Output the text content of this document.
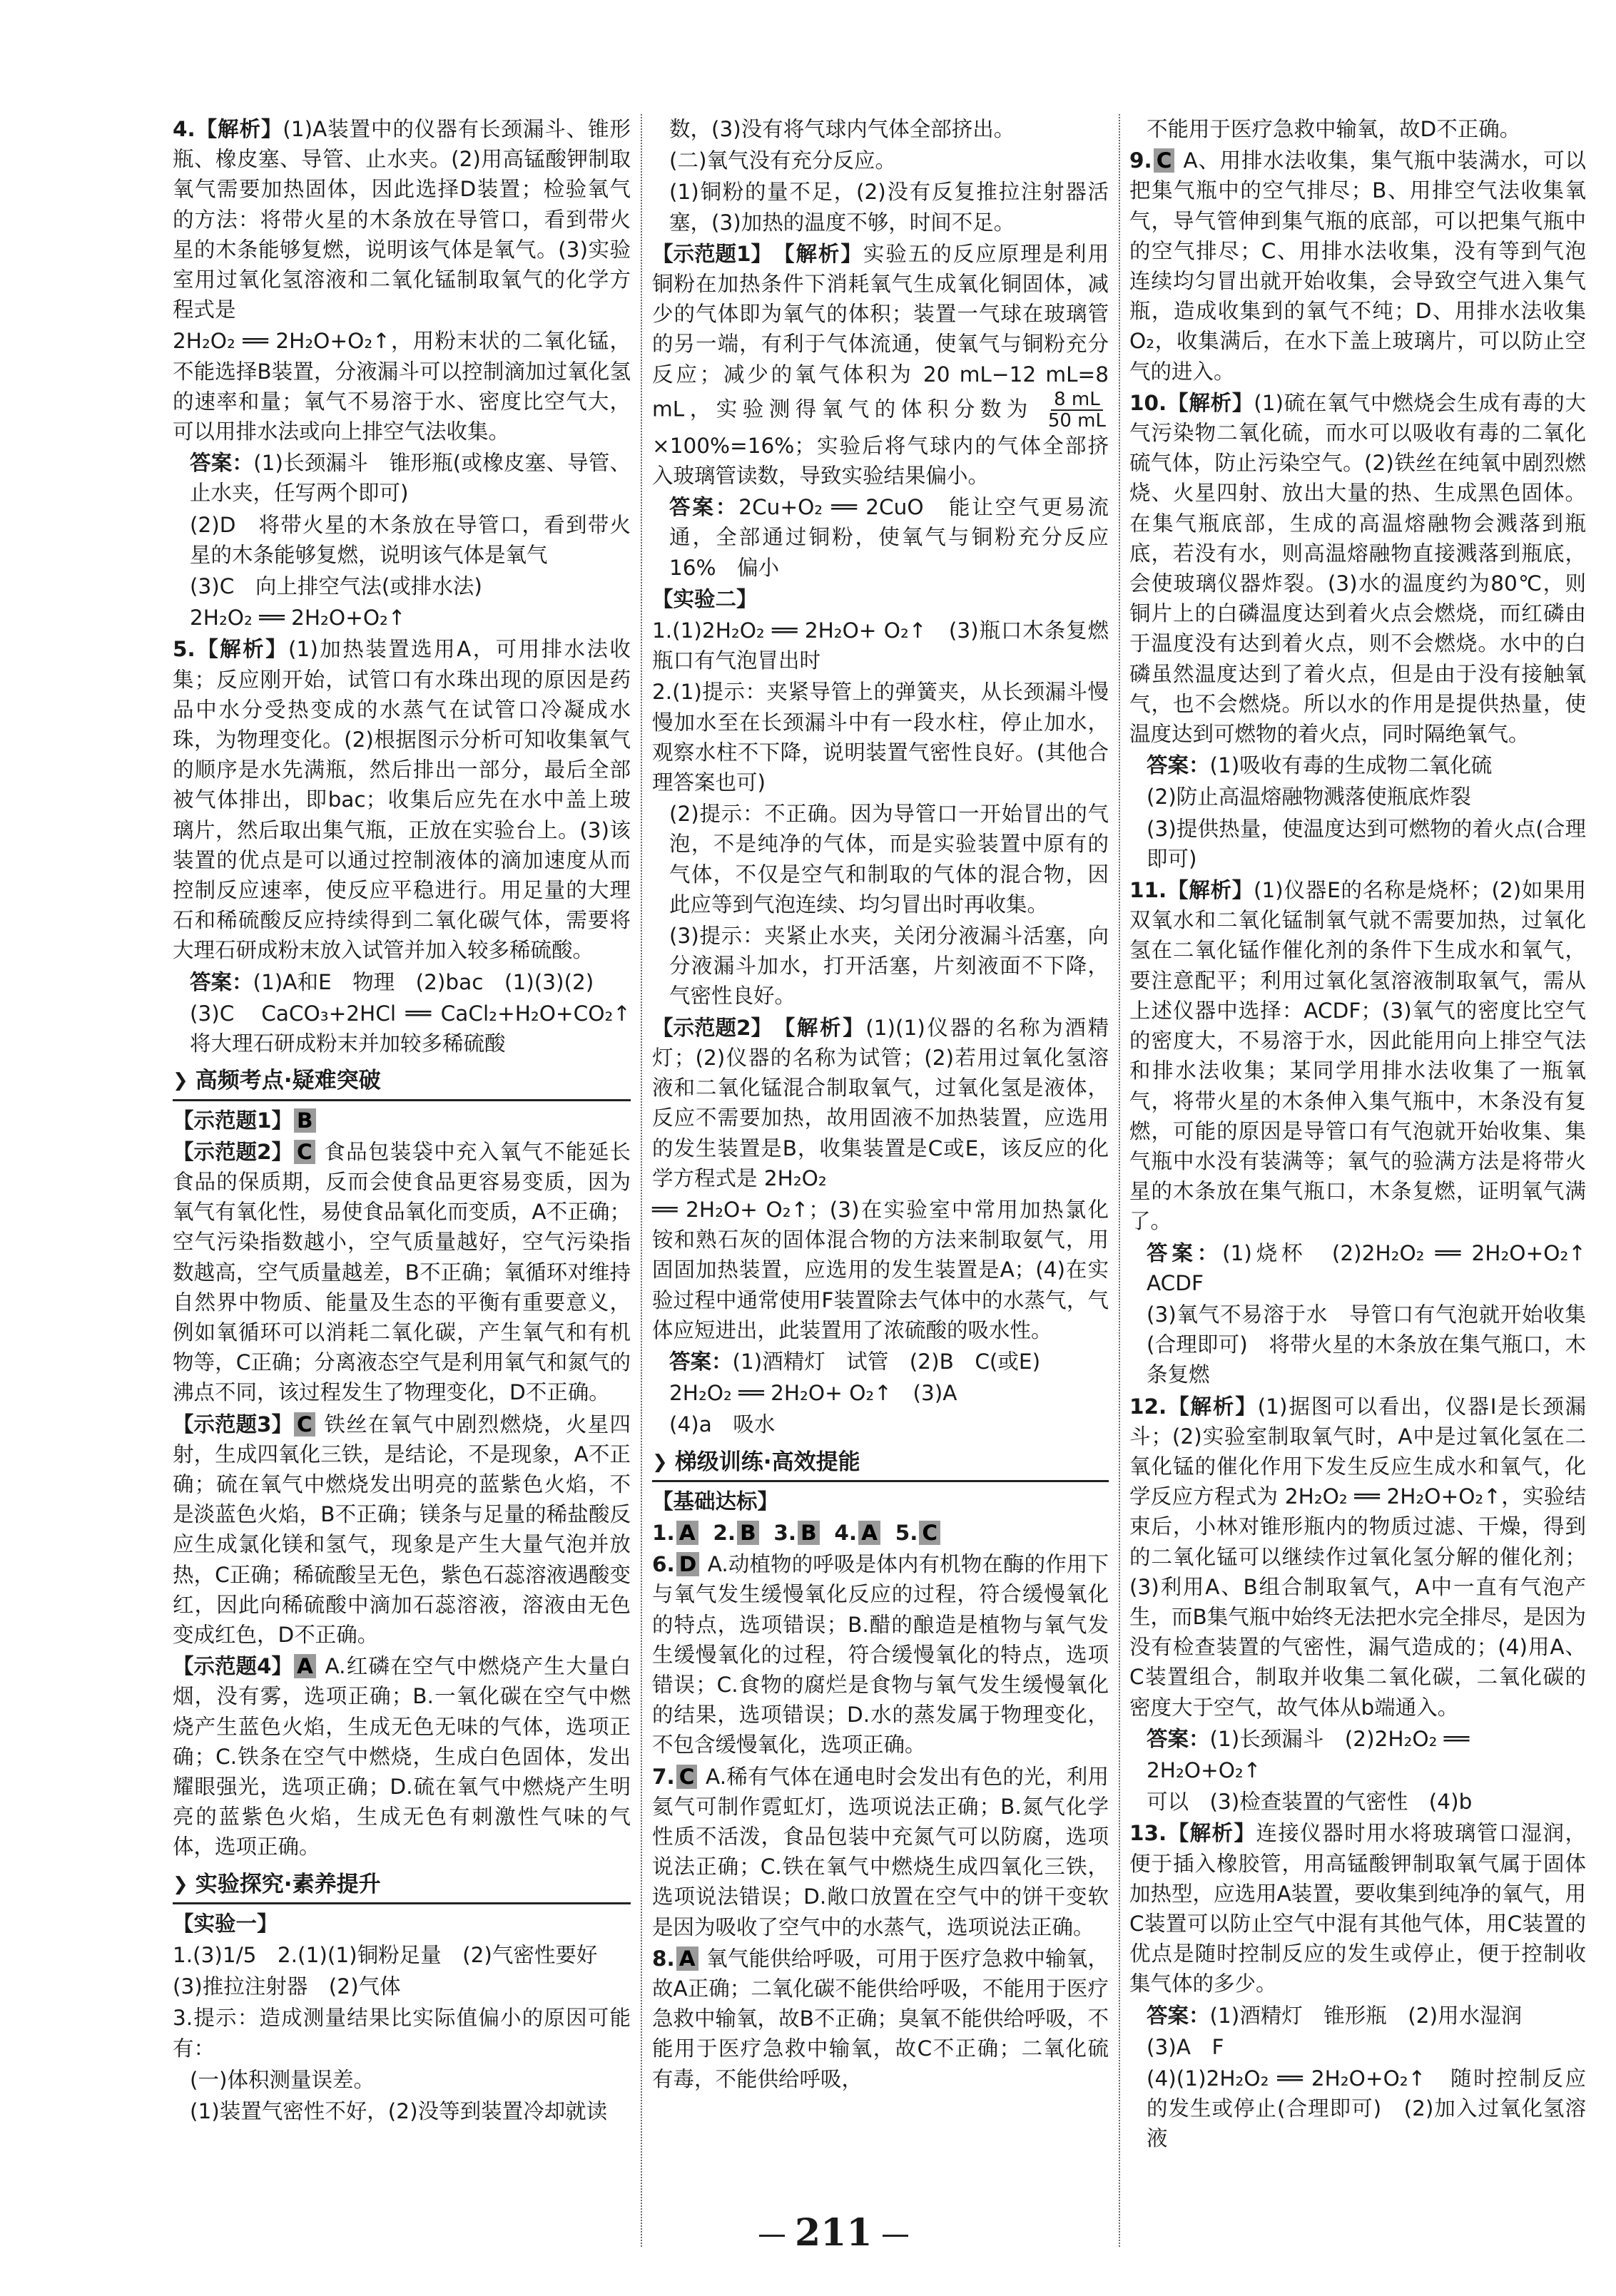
4.【解析】(1)A装置中的仪器有长颈漏斗、锥形瓶、橡皮塞、导管、止水夹。(2)用高锰酸钾制取氧气需要加热固体，因此选择D装置；检验氧气的方法：将带火星的木条放在导管口，看到带火星的木条能够复燃，说明该气体是氧气。(3)实验室用过氧化氢溶液和二氧化锰制取氧气的化学方程式是

2H₂O₂ ══ 2H₂O+O₂↑，用粉末状的二氧化锰，不能选择B装置，分液漏斗可以控制滴加过氧化氢的速率和量；氧气不易溶于水、密度比空气大，可以用排水法或向上排空气法收集。

答案：(1)长颈漏斗　锥形瓶(或橡皮塞、导管、止水夹，任写两个即可)

(2)D　将带火星的木条放在导管口，看到带火星的木条能够复燃，说明该气体是氧气

(3)C　向上排空气法(或排水法)

2H₂O₂ ══ 2H₂O+O₂↑

5.【解析】(1)加热装置选用A，可用排水法收集；反应刚开始，试管口有水珠出现的原因是药品中水分受热变成的水蒸气在试管口冷凝成水珠，为物理变化。(2)根据图示分析可知收集氧气的顺序是水先满瓶，然后排出一部分，最后全部被气体排出，即bac；收集后应先在水中盖上玻璃片，然后取出集气瓶，正放在实验台上。(3)该装置的优点是可以通过控制液体的滴加速度从而控制反应速率，使反应平稳进行。用足量的大理石和稀硫酸反应持续得到二氧化碳气体，需要将大理石研成粉末放入试管并加入较多稀硫酸。

答案：(1)A和E　物理　(2)bac　(1)(3)(2)

(3)C　CaCO₃+2HCl ══ CaCl₂+H₂O+CO₂↑　将大理石研成粉末并加较多稀硫酸

❯ 高频考点·疑难突破

【示范题1】 B

【示范题2】 C 食品包装袋中充入氧气不能延长食品的保质期，反而会使食品更容易变质，因为氧气有氧化性，易使食品氧化而变质，A不正确；空气污染指数越小，空气质量越好，空气污染指数越高，空气质量越差，B不正确；氧循环对维持自然界中物质、能量及生态的平衡有重要意义，例如氧循环可以消耗二氧化碳，产生氧气和有机物等，C正确；分离液态空气是利用氧气和氮气的沸点不同，该过程发生了物理变化，D不正确。

【示范题3】 C 铁丝在氧气中剧烈燃烧，火星四射，生成四氧化三铁，是结论，不是现象，A不正确；硫在氧气中燃烧发出明亮的蓝紫色火焰，不是淡蓝色火焰，B不正确；镁条与足量的稀盐酸反应生成氯化镁和氢气，现象是产生大量气泡并放热，C正确；稀硫酸呈无色，紫色石蕊溶液遇酸变红，因此向稀硫酸中滴加石蕊溶液，溶液由无色变成红色，D不正确。

【示范题4】 A A.红磷在空气中燃烧产生大量白烟，没有雾，选项正确；B.一氧化碳在空气中燃烧产生蓝色火焰，生成无色无味的气体，选项正确；C.铁条在空气中燃烧，生成白色固体，发出耀眼强光，选项正确；D.硫在氧气中燃烧产生明亮的蓝紫色火焰，生成无色有刺激性气味的气体，选项正确。

❯ 实验探究·素养提升

【实验一】

1.(3)1/5　2.(1)(1)铜粉足量　(2)气密性要好

(3)推拉注射器　(2)气体

3.提示：造成测量结果比实际值偏小的原因可能有：

(一)体积测量误差。

(1)装置气密性不好，(2)没等到装置冷却就读

数，(3)没有将气球内气体全部挤出。

(二)氧气没有充分反应。

(1)铜粉的量不足，(2)没有反复推拉注射器活塞，(3)加热的温度不够，时间不足。

【示范题1】【解析】实验五的反应原理是利用铜粉在加热条件下消耗氧气生成氧化铜固体，减少的气体即为氧气的体积；装置一气球在玻璃管的另一端，有利于气体流通，使氧气与铜粉充分反应；减少的氧气体积为 20 mL−12 mL=8 mL，实验测得氧气的体积分数为 $\frac{8 mL}{50 mL}$
×100%=16%；实验后将气球内的气体全部挤入玻璃管读数，导致实验结果偏小。

答案：2Cu+O₂ ══ 2CuO　能让空气更易流通，全部通过铜粉，使氧气与铜粉充分反应　16%　偏小

【实验二】

1.(1)2H₂O₂ ══ 2H₂O+ O₂↑　(3)瓶口木条复燃　瓶口有气泡冒出时

2.(1)提示：夹紧导管上的弹簧夹，从长颈漏斗慢慢加水至在长颈漏斗中有一段水柱，停止加水，观察水柱不下降，说明装置气密性良好。(其他合理答案也可)

(2)提示：不正确。因为导管口一开始冒出的气泡，不是纯净的气体，而是实验装置中原有的气体，不仅是空气和制取的气体的混合物，因此应等到气泡连续、均匀冒出时再收集。

(3)提示：夹紧止水夹，关闭分液漏斗活塞，向分液漏斗加水，打开活塞，片刻液面不下降，气密性良好。

【示范题2】【解析】(1)(1)仪器的名称为酒精灯；(2)仪器的名称为试管；(2)若用过氧化氢溶液和二氧化锰混合制取氧气，过氧化氢是液体，反应不需要加热，故用固液不加热装置，应选用的发生装置是B，收集装置是C或E，该反应的化学方程式是 2H₂O₂

══ 2H₂O+ O₂↑；(3)在实验室中常用加热氯化铵和熟石灰的固体混合物的方法来制取氨气，用固固加热装置，应选用的发生装置是A；(4)在实验过程中通常使用F装置除去气体中的水蒸气，气体应短进出，此装置用了浓硫酸的吸水性。

答案：(1)酒精灯　试管　(2)B　C(或E)

2H₂O₂ ══ 2H₂O+ O₂↑　(3)A

(4)a　吸水

❯ 梯级训练·高效提能

【基础达标】

1. A 2. B 3. B 4. A 5. C

6. D A.动植物的呼吸是体内有机物在酶的作用下与氧气发生缓慢氧化反应的过程，符合缓慢氧化的特点，选项错误；B.醋的酿造是植物与氧气发生缓慢氧化的过程，符合缓慢氧化的特点，选项错误；C.食物的腐烂是食物与氧气发生缓慢氧化的结果，选项错误；D.水的蒸发属于物理变化，不包含缓慢氧化，选项正确。

7. C A.稀有气体在通电时会发出有色的光，利用氦气可制作霓虹灯，选项说法正确；B.氮气化学性质不活泼，食品包装中充氮气可以防腐，选项说法正确；C.铁在氧气中燃烧生成四氧化三铁，选项说法错误；D.敞口放置在空气中的饼干变软是因为吸收了空气中的水蒸气，选项说法正确。

8. A 氧气能供给呼吸，可用于医疗急救中输氧，故A正确；二氧化碳不能供给呼吸，不能用于医疗急救中输氧，故B不正确；臭氧不能供给呼吸，不能用于医疗急救中输氧，故C不正确；二氧化硫有毒，不能供给呼吸，

不能用于医疗急救中输氧，故D不正确。

9. C A、用排水法收集，集气瓶中装满水，可以把集气瓶中的空气排尽；B、用排空气法收集氧气，导气管伸到集气瓶的底部，可以把集气瓶中的空气排尽；C、用排水法收集，没有等到气泡连续均匀冒出就开始收集，会导致空气进入集气瓶，造成收集到的氧气不纯；D、用排水法收集O₂，收集满后，在水下盖上玻璃片，可以防止空气的进入。

10.【解析】(1)硫在氧气中燃烧会生成有毒的大气污染物二氧化硫，而水可以吸收有毒的二氧化硫气体，防止污染空气。(2)铁丝在纯氧中剧烈燃烧、火星四射、放出大量的热、生成黑色固体。在集气瓶底部，生成的高温熔融物会溅落到瓶底，若没有水，则高温熔融物直接溅落到瓶底，会使玻璃仪器炸裂。(3)水的温度约为80℃，则铜片上的白磷温度达到着火点会燃烧，而红磷由于温度没有达到着火点，则不会燃烧。水中的白磷虽然温度达到了着火点，但是由于没有接触氧气，也不会燃烧。所以水的作用是提供热量，使温度达到可燃物的着火点，同时隔绝氧气。

答案：(1)吸收有毒的生成物二氧化硫

(2)防止高温熔融物溅落使瓶底炸裂

(3)提供热量，使温度达到可燃物的着火点(合理即可)

11.【解析】(1)仪器E的名称是烧杯；(2)如果用双氧水和二氧化锰制氧气就不需要加热，过氧化氢在二氧化锰作催化剂的条件下生成水和氧气，要注意配平；利用过氧化氢溶液制取氧气，需从上述仪器中选择：ACDF；(3)氧气的密度比空气的密度大，不易溶于水，因此能用向上排空气法和排水法收集；某同学用排水法收集了一瓶氧气，将带火星的木条伸入集气瓶中，木条没有复燃，可能的原因是导管口有气泡就开始收集、集气瓶中水没有装满等；氧气的验满方法是将带火星的木条放在集气瓶口，木条复燃，证明氧气满了。

答案：(1)烧杯　(2)2H₂O₂ ══ 2H₂O+O₂↑　ACDF

(3)氧气不易溶于水　导管口有气泡就开始收集(合理即可)　将带火星的木条放在集气瓶口，木条复燃

12.【解析】(1)据图可以看出，仪器Ⅰ是长颈漏斗；(2)实验室制取氧气时，A中是过氧化氢在二氧化锰的催化作用下发生反应生成水和氧气，化学反应方程式为 2H₂O₂ ══ 2H₂O+O₂↑，实验结束后，小林对锥形瓶内的物质过滤、干燥，得到的二氧化锰可以继续作过氧化氢分解的催化剂；(3)利用A、B组合制取氧气，A中一直有气泡产生，而B集气瓶中始终无法把水完全排尽，是因为没有检查装置的气密性，漏气造成的；(4)用A、C装置组合，制取并收集二氧化碳，二氧化碳的密度大于空气，故气体从b端通入。

答案：(1)长颈漏斗　(2)2H₂O₂ ══

2H₂O+O₂↑

可以　(3)检查装置的气密性　(4)b

13.【解析】连接仪器时用水将玻璃管口湿润，便于插入橡胶管，用高锰酸钾制取氧气属于固体加热型，应选用A装置，要收集到纯净的氧气，用C装置可以防止空气中混有其他气体，用C装置的优点是随时控制反应的发生或停止，便于控制收集气体的多少。

答案：(1)酒精灯　锥形瓶　(2)用水湿润

(3)A　F

(4)(1)2H₂O₂ ══ 2H₂O+O₂↑　随时控制反应的发生或停止(合理即可)　(2)加入过氧化氢溶液

211
